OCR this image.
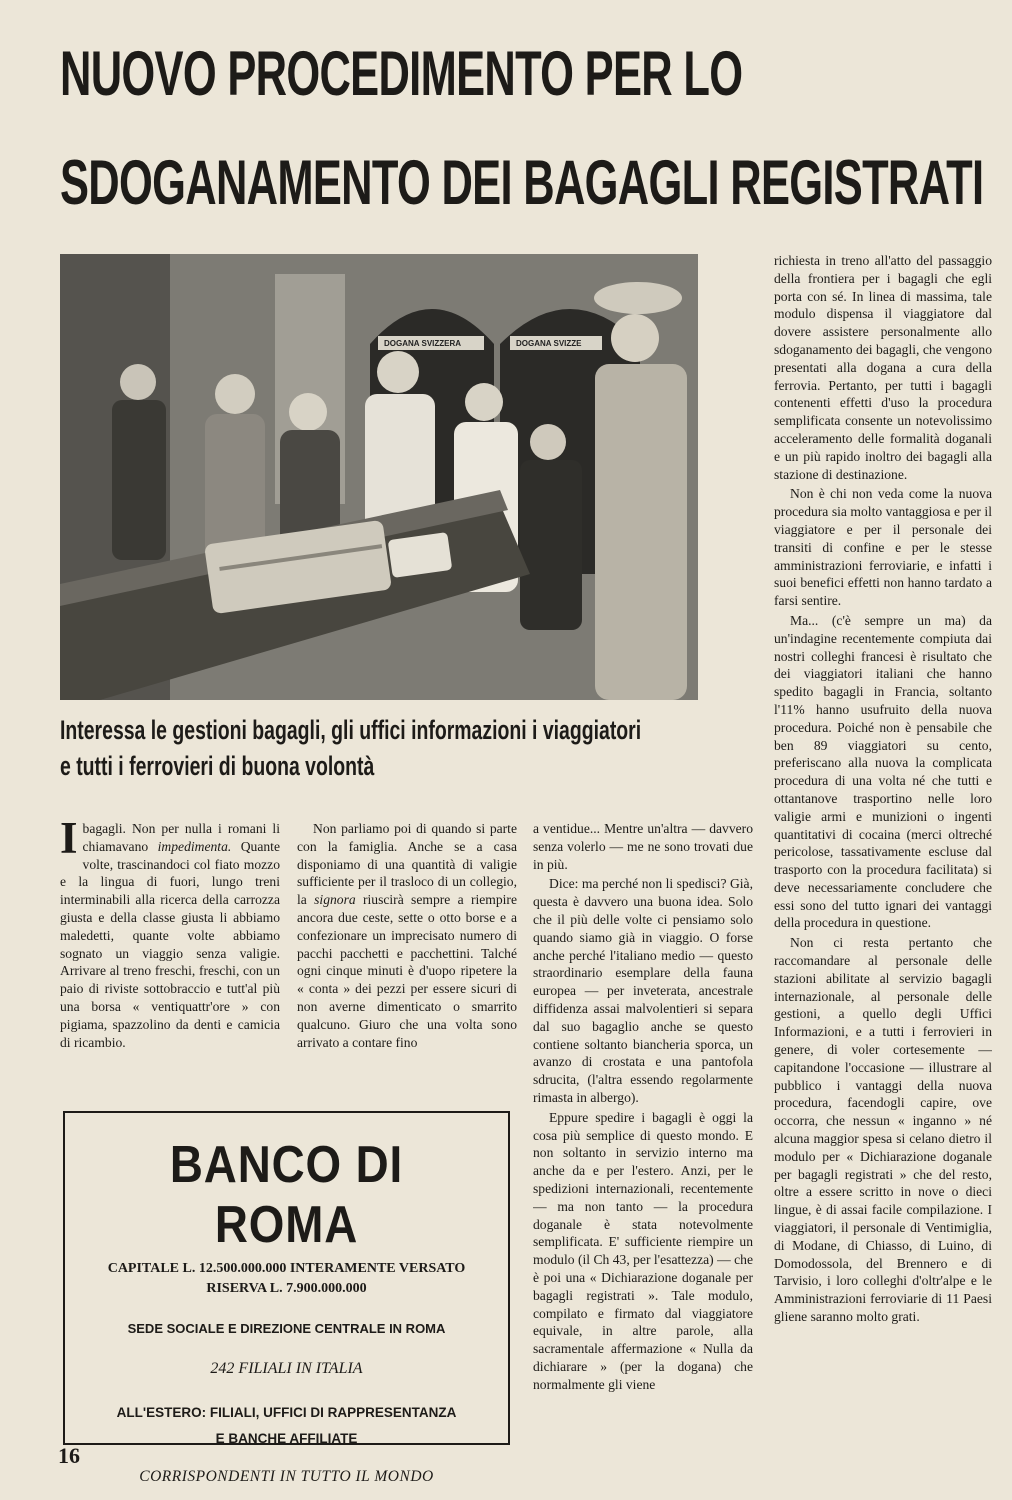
NUOVO PROCEDIMENTO PER LO
SDOGANAMENTO DEI BAGAGLI REGISTRATI
DOGANA SVIZZERA	DOGANA SVIZZE
Interessa le gestioni bagagli, gli uffici informazioni i viaggiatori
e tutti i ferrovieri di buona volontà

Ibagagli. Non per nulla i romani li chiamavano impedimenta. Quante volte, trascinandoci col fiato mozzo e la lingua di fuori, lungo treni interminabili alla ricerca della carrozza giusta e della classe giusta li abbiamo maledetti, quante volte abbiamo sognato un viaggio senza valigie. Arrivare al treno freschi, freschi, con un paio di riviste sottobraccio e tutt'al più una borsa « ventiquattr'ore » con pigiama, spazzolino da denti e camicia di ricambio.

Non parliamo poi di quando si parte con la famiglia. Anche se a casa disponiamo di una quantità di valigie sufficiente per il trasloco di un collegio, la signora riuscirà sempre a riempire ancora due ceste, sette o otto borse e a confezionare un imprecisato numero di pacchi pacchetti e pacchettini. Talché ogni cinque minuti è d'uopo ripetere la « conta » dei pezzi per essere sicuri di non averne dimenticato o smarrito qualcuno. Giuro che una volta sono arrivato a contare fino

a ventidue... Mentre un'altra — davvero senza volerlo — me ne sono trovati due in più.

Dice: ma perché non li spedisci? Già, questa è davvero una buona idea. Solo che il più delle volte ci pensiamo solo quando siamo già in viaggio. O forse anche perché l'italiano medio — questo straordinario esemplare della fauna europea — per inveterata, ancestrale diffidenza assai malvolentieri si separa dal suo bagaglio anche se questo contiene soltanto biancheria sporca, un avanzo di crostata e una pantofola sdrucita, (l'altra essendo regolarmente rimasta in albergo).

Eppure spedire i bagagli è oggi la cosa più semplice di questo mondo. E non soltanto in servizio interno ma anche da e per l'estero. Anzi, per le spedizioni internazionali, recentemente — ma non tanto — la procedura doganale è stata notevolmente semplificata. E' sufficiente riempire un modulo (il Ch 43, per l'esattezza) — che è poi una « Dichiarazione doganale per bagagli registrati ». Tale modulo, compilato e firmato dal viaggiatore equivale, in altre parole, alla sacramentale affermazione « Nulla da dichiarare » (per la dogana) che normalmente gli viene

richiesta in treno all'atto del passaggio della frontiera per i bagagli che egli porta con sé. In linea di massima, tale modulo dispensa il viaggiatore dal dovere assistere personalmente allo sdoganamento dei bagagli, che vengono presentati alla dogana a cura della ferrovia. Pertanto, per tutti i bagagli contenenti effetti d'uso la procedura semplificata consente un notevolissimo acceleramento delle formalità doganali e un più rapido inoltro dei bagagli alla stazione di destinazione.

Non è chi non veda come la nuova procedura sia molto vantaggiosa e per il viaggiatore e per il personale dei transiti di confine e per le stesse amministrazioni ferroviarie, e infatti i suoi benefici effetti non hanno tardato a farsi sentire.

Ma... (c'è sempre un ma) da un'indagine recentemente compiuta dai nostri colleghi francesi è risultato che dei viaggiatori italiani che hanno spedito bagagli in Francia, soltanto l'11% hanno usufruito della nuova procedura. Poiché non è pensabile che ben 89 viaggiatori su cento, preferiscano alla nuova la complicata procedura di una volta né che tutti e ottantanove trasportino nelle loro valigie armi e munizioni o ingenti quantitativi di cocaina (merci oltreché pericolose, tassativamente escluse dal trasporto con la procedura facilitata) si deve necessariamente concludere che essi sono del tutto ignari dei vantaggi della procedura in questione.

Non ci resta pertanto che raccomandare al personale delle stazioni abilitate al servizio bagagli internazionale, al personale delle gestioni, a quello degli Uffici Informazioni, e a tutti i ferrovieri in genere, di voler cortesemente — capitandone l'occasione — illustrare al pubblico i vantaggi della nuova procedura, facendogli capire, ove occorra, che nessun « inganno » né alcuna maggior spesa si celano dietro il modulo per « Dichiarazione doganale per bagagli registrati » che del resto, oltre a essere scritto in nove o dieci lingue, è di assai facile compilazione. I viaggiatori, il personale di Ventimiglia, di Modane, di Chiasso, di Luino, di Domodossola, del Brennero e di Tarvisio, i loro colleghi d'oltr'alpe e le Amministrazioni ferroviarie di 11 Paesi gliene saranno molto grati.

BANCO DI ROMA
CAPITALE L. 12.500.000.000 INTERAMENTE VERSATO
RISERVA L. 7.900.000.000
SEDE SOCIALE E DIREZIONE CENTRALE IN ROMA
242 FILIALI IN ITALIA
ALL'ESTERO: FILIALI, UFFICI DI RAPPRESENTANZA
E BANCHE AFFILIATE
CORRISPONDENTI IN TUTTO IL MONDO
16
